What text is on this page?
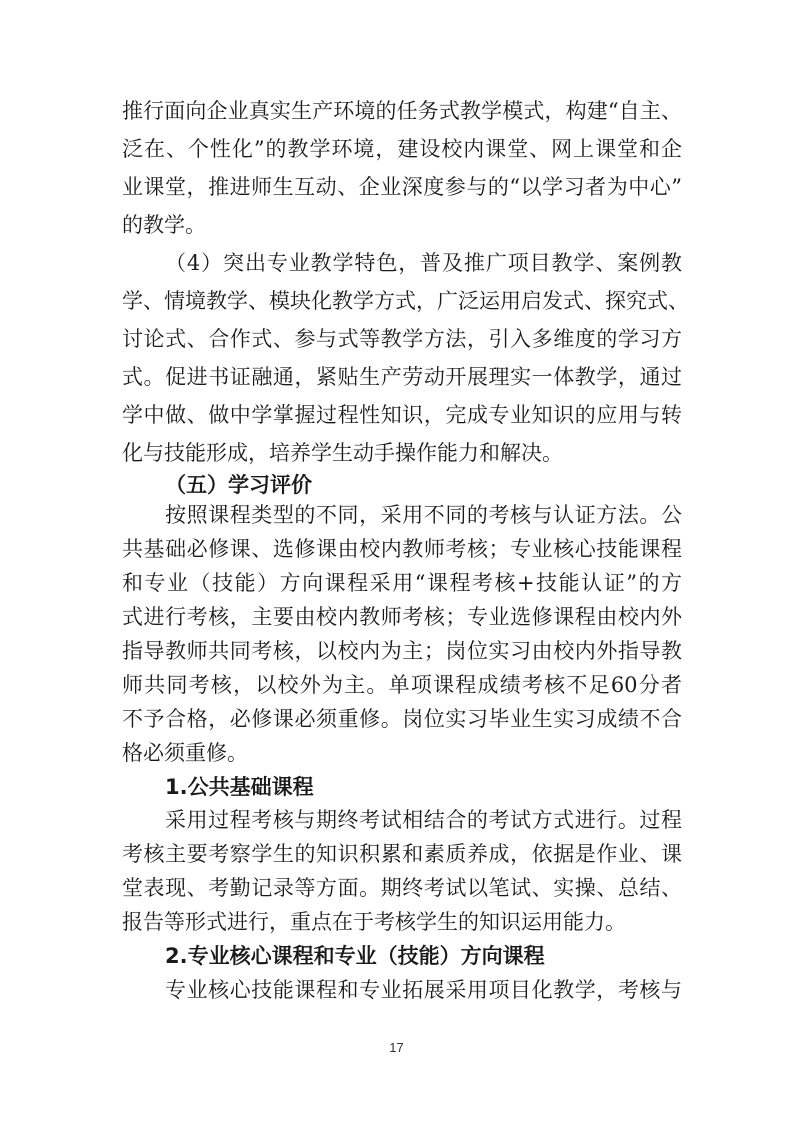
推行面向企业真实生产环境的任务式教学模式，构建“自主、
泛在、个性化”的教学环境，建设校内课堂、网上课堂和企
业课堂，推进师生互动、企业深度参与的“以学习者为中心”
的教学。
（4）突出专业教学特色，普及推广项目教学、案例教
学、情境教学、模块化教学方式，广泛运用启发式、探究式、
讨论式、合作式、参与式等教学方法，引入多维度的学习方
式。促进书证融通，紧贴生产劳动开展理实一体教学，通过
学中做、做中学掌握过程性知识，完成专业知识的应用与转
化与技能形成，培养学生动手操作能力和解决。
（五）学习评价
按照课程类型的不同，采用不同的考核与认证方法。公
共基础必修课、选修课由校内教师考核；专业核心技能课程
和专业（技能）方向课程采用“课程考核+技能认证”的方
式进行考核，主要由校内教师考核；专业选修课程由校内外
指导教师共同考核，以校内为主；岗位实习由校内外指导教
师共同考核，以校外为主。单项课程成绩考核不足60分者
不予合格，必修课必须重修。岗位实习毕业生实习成绩不合
格必须重修。
1.公共基础课程
采用过程考核与期终考试相结合的考试方式进行。过程
考核主要考察学生的知识积累和素质养成，依据是作业、课
堂表现、考勤记录等方面。期终考试以笔试、实操、总结、
报告等形式进行，重点在于考核学生的知识运用能力。
17
2.专业核心课程和专业（技能）方向课程
专业核心技能课程和专业拓展采用项目化教学，考核与
